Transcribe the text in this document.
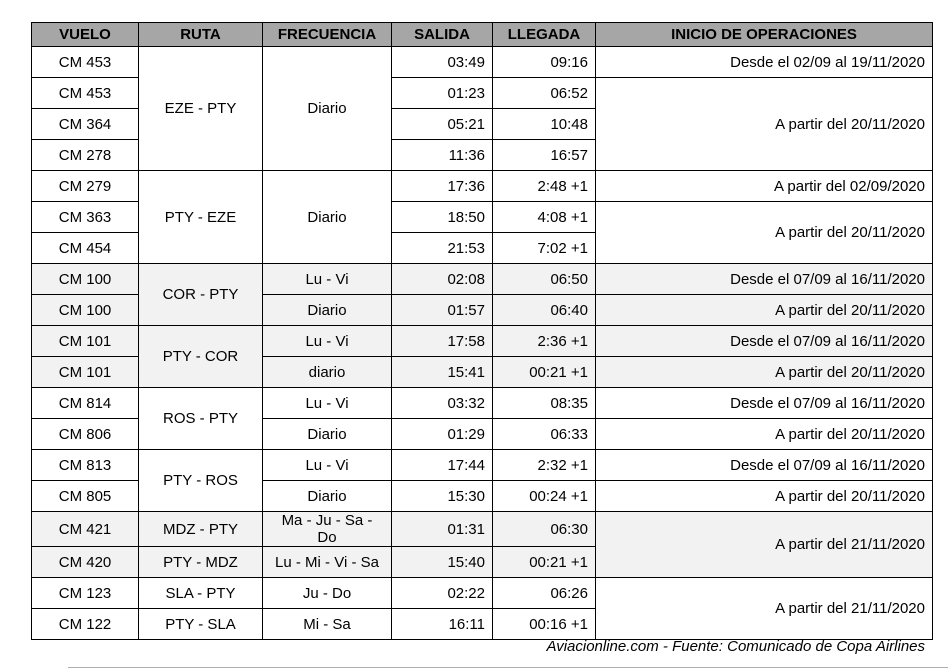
VUELO	RUTA	FRECUENCIA	SALIDA	LLEGADA	INICIO DE OPERACIONES
CM 453	EZE - PTY	Diario	03:49	09:16	Desde el 02/09 al 19/11/2020
CM 453			01:23	06:52	A partir del 20/11/2020
CM 364			05:21	10:48	
CM 278			11:36	16:57	
CM 279	PTY - EZE	Diario	17:36	2:48 +1	A partir del 02/09/2020
CM 363			18:50	4:08 +1	A partir del 20/11/2020
CM 454			21:53	7:02 +1	
CM 100	COR - PTY	Lu - Vi	02:08	06:50	Desde el 07/09 al 16/11/2020
CM 100		Diario	01:57	06:40	A partir del 20/11/2020
CM 101	PTY - COR	Lu - Vi	17:58	2:36 +1	Desde el 07/09 al 16/11/2020
CM 101		diario	15:41	00:21 +1	A partir del 20/11/2020
CM 814	ROS - PTY	Lu - Vi	03:32	08:35	Desde el 07/09 al 16/11/2020
CM 806		Diario	01:29	06:33	A partir del 20/11/2020
CM 813	PTY - ROS	Lu - Vi	17:44	2:32 +1	Desde el 07/09 al 16/11/2020
CM 805		Diario	15:30	00:24 +1	A partir del 20/11/2020
CM 421	MDZ - PTY	Ma - Ju - Sa - Do	01:31	06:30	A partir del 21/11/2020
CM 420	PTY - MDZ	Lu - Mi - Vi - Sa	15:40	00:21 +1	
CM 123	SLA - PTY	Ju - Do	02:22	06:26	A partir del 21/11/2020
CM 122	PTY - SLA	Mi - Sa	16:11	00:16 +1	
Aviacionline.com - Fuente: Comunicado de Copa Airlines
